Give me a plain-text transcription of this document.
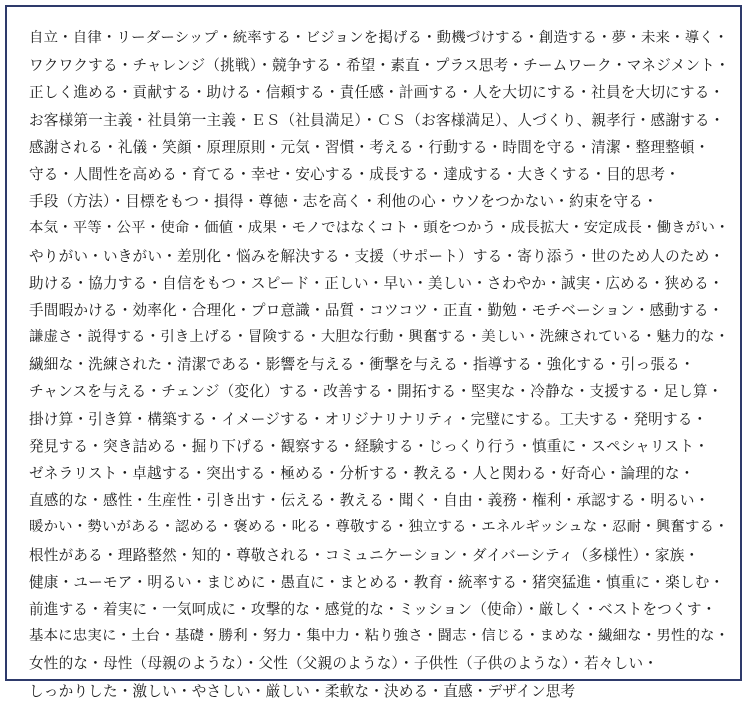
自立・自律・リーダーシップ・統率する・ビジョンを掲げる・動機づけする・創造する・夢・未来・導く・
ワクワクする・チャレンジ（挑戦）・競争する・希望・素直・プラス思考・チームワーク・マネジメント・
正しく進める・貢献する・助ける・信頼する・責任感・計画する・人を大切にする・社員を大切にする・
お客様第一主義・社員第一主義・ＥＳ（社員満足）・ＣＳ（お客様満足）、人づくり、親孝行・感謝する・
感謝される・礼儀・笑顔・原理原則・元気・習慣・考える・行動する・時間を守る・清潔・整理整頓・
守る・人間性を高める・育てる・幸せ・安心する・成長する・達成する・大きくする・目的思考・
手段（方法）・目標をもつ・損得・尊徳・志を高く・利他の心・ウソをつかない・約束を守る・
本気・平等・公平・使命・価値・成果・モノではなくコト・頭をつかう・成長拡大・安定成長・働きがい・
やりがい・いきがい・差別化・悩みを解決する・支援（サポート）する・寄り添う・世のため人のため・
助ける・協力する・自信をもつ・スピード・正しい・早い・美しい・さわやか・誠実・広める・狭める・
手間暇かける・効率化・合理化・プロ意識・品質・コツコツ・正直・勤勉・モチベーション・感動する・
謙虚さ・説得する・引き上げる・冒険する・大胆な行動・興奮する・美しい・洗練されている・魅力的な・
繊細な・洗練された・清潔である・影響を与える・衝撃を与える・指導する・強化する・引っ張る・
チャンスを与える・チェンジ（変化）する・改善する・開拓する・堅実な・冷静な・支援する・足し算・
掛け算・引き算・構築する・イメージする・オリジナリナリティ・完璧にする。工夫する・発明する・
発見する・突き詰める・掘り下げる・観察する・経験する・じっくり行う・慎重に・スペシャリスト・
ゼネラリスト・卓越する・突出する・極める・分析する・教える・人と関わる・好奇心・論理的な・
直感的な・感性・生産性・引き出す・伝える・教える・聞く・自由・義務・権利・承認する・明るい・
暖かい・勢いがある・認める・褒める・叱る・尊敬する・独立する・エネルギッシュな・忍耐・興奮する・
根性がある・理路整然・知的・尊敬される・コミュニケーション・ダイバーシティ（多様性）・家族・
健康・ユーモア・明るい・まじめに・愚直に・まとめる・教育・統率する・猪突猛進・慎重に・楽しむ・
前進する・着実に・一気呵成に・攻撃的な・感覚的な・ミッション（使命）・厳しく・ベストをつくす・
基本に忠実に・土台・基礎・勝利・努力・集中力・粘り強さ・闘志・信じる・まめな・繊細な・男性的な・
女性的な・母性（母親のような）・父性（父親のような）・子供性（子供のような）・若々しい・
しっかりした・激しい・やさしい・厳しい・柔軟な・決める・直感・デザイン思考
